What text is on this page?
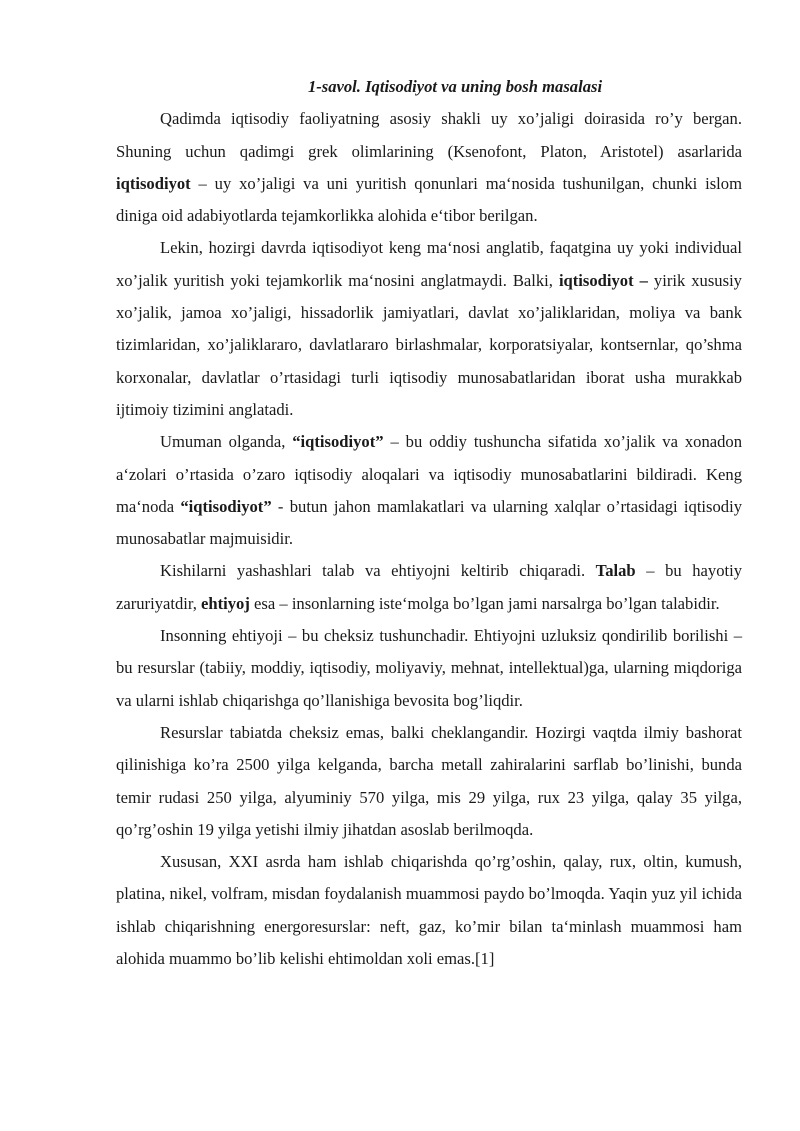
1-savol. Iqtisodiyot va uning bosh masalasi

Qadimda iqtisodiy faoliyatning asosiy shakli uy xo’jaligi doirasida ro’y bergan. Shuning uchun qadimgi grek olimlarining (Ksenofont, Platon, Aristotel) asarlarida iqtisodiyot – uy xo’jaligi va uni yuritish qonunlari ma‘nosida tushunilgan, chunki islom diniga oid adabiyotlarda tejamkorlikka alohida e‘tibor berilgan.

Lekin, hozirgi davrda iqtisodiyot keng ma‘nosi anglatib, faqatgina uy yoki individual xo’jalik yuritish yoki tejamkorlik ma‘nosini anglatmaydi. Balki, iqtisodiyot – yirik xususiy xo’jalik, jamoa xo’jaligi, hissadorlik jamiyatlari, davlat xo’jaliklaridan, moliya va bank tizimlaridan, xo’jaliklararo, davlatlararo birlashmalar, korporatsiyalar, kontsernlar, qo’shma korxonalar, davlatlar o’rtasidagi turli iqtisodiy munosabatlaridan iborat usha murakkab ijtimoiy tizimini anglatadi.

Umuman olganda, “iqtisodiyot” – bu oddiy tushuncha sifatida xo’jalik va xonadon a‘zolari o’rtasida o’zaro iqtisodiy aloqalari va iqtisodiy munosabatlarini bildiradi. Keng ma‘noda “iqtisodiyot” - butun jahon mamlakatlari va ularning xalqlar o’rtasidagi iqtisodiy munosabatlar majmuisidir.

Kishilarni yashashlari talab va ehtiyojni keltirib chiqaradi. Talab – bu hayotiy zaruriyatdir, ehtiyoj esa – insonlarning iste‘molga bo’lgan jami narsalrga bo’lgan talabidir.

Insonning ehtiyoji – bu cheksiz tushunchadir. Ehtiyojni uzluksiz qondirilib borilishi – bu resurslar (tabiiy, moddiy, iqtisodiy, moliyaviy, mehnat, intellektual)ga, ularning miqdoriga va ularni ishlab chiqarishga qo’llanishiga bevosita bog’liqdir.

Resurslar tabiatda cheksiz emas, balki cheklangandir. Hozirgi vaqtda ilmiy bashorat qilinishiga ko’ra 2500 yilga kelganda, barcha metall zahiralarini sarflab bo’linishi, bunda temir rudasi 250 yilga, alyuminiy 570 yilga, mis 29 yilga, rux 23 yilga, qalay 35 yilga, qo’rg’oshin 19 yilga yetishi ilmiy jihatdan asoslab berilmoqda.

Xususan, XXI asrda ham ishlab chiqarishda qo’rg’oshin, qalay, rux, oltin, kumush, platina, nikel, volfram, misdan foydalanish muammosi paydo bo’lmoqda. Yaqin yuz yil ichida ishlab chiqarishning energoresurslar: neft, gaz, ko’mir bilan ta‘minlash muammosi ham alohida muammo bo’lib kelishi ehtimoldan xoli emas.[1]
